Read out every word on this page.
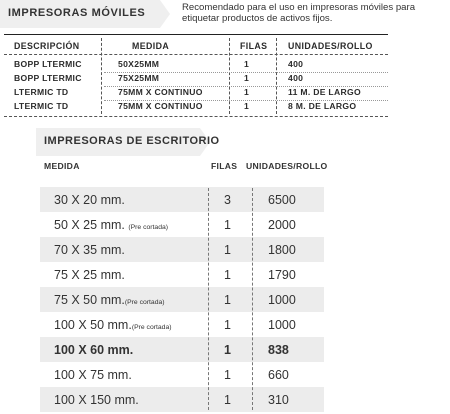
IMPRESORAS MÓVILES	Recomendado para el uso en impresoras móviles para etiquetar productos de activos fijos.
DESCRIPCIÓN	MEDIDA	FILAS UNIDADES/ROLLO
BOPP LTERMIC	50X25MM	1	400
BOPP LTERMIC	75X25MM	1	400
LTERMIC TD	75MM X CONTINUO	1	11 M. DE LARGO
LTERMIC TD	75MM X CONTINUO	1	8 M. DE LARGO
IMPRESORAS DE ESCRITORIO
MEDIDA	FILAS UNIDADES/ROLLO
30 X 20 mm.	3	6500
50 X 25 mm. (Pre cortada)	1	2000
70 X 35 mm.	1	1800
75 X 25 mm.	1	1790
75 X 50 mm.(Pre cortada)	1	1000
100 X 50 mm.(Pre cortada)	1	1000
100 X 60 mm.	1	838
100 X 75 mm.	1	660
100 X 150 mm.	1	310
